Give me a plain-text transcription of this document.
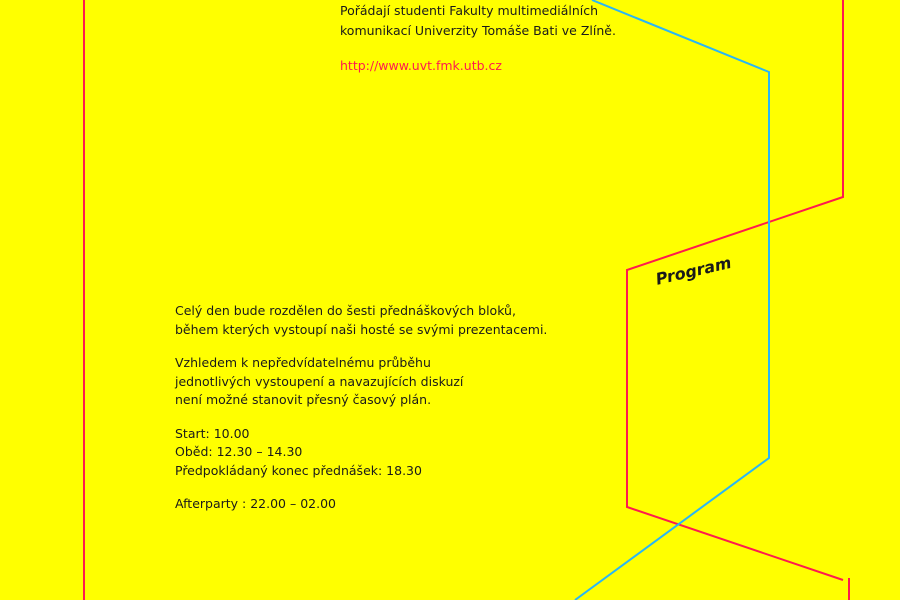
Pořádají studenti Fakulty multimediálních

komunikací Univerzity Tomáše Bati ve Zlíně.

http://www.uvt.fmk.utb.cz
Program

Celý den bude rozdělen do šesti přednáškových bloků,

během kterých vystoupí naši hosté se svými prezentacemi.

Vzhledem k nepředvídatelnému průběhu

jednotlivých vystoupení a navazujících diskuzí

není možné stanovit přesný časový plán.

Start: 10.00

Oběd: 12.30 – 14.30

Předpokládaný konec přednášek: 18.30

Afterparty : 22.00 – 02.00
